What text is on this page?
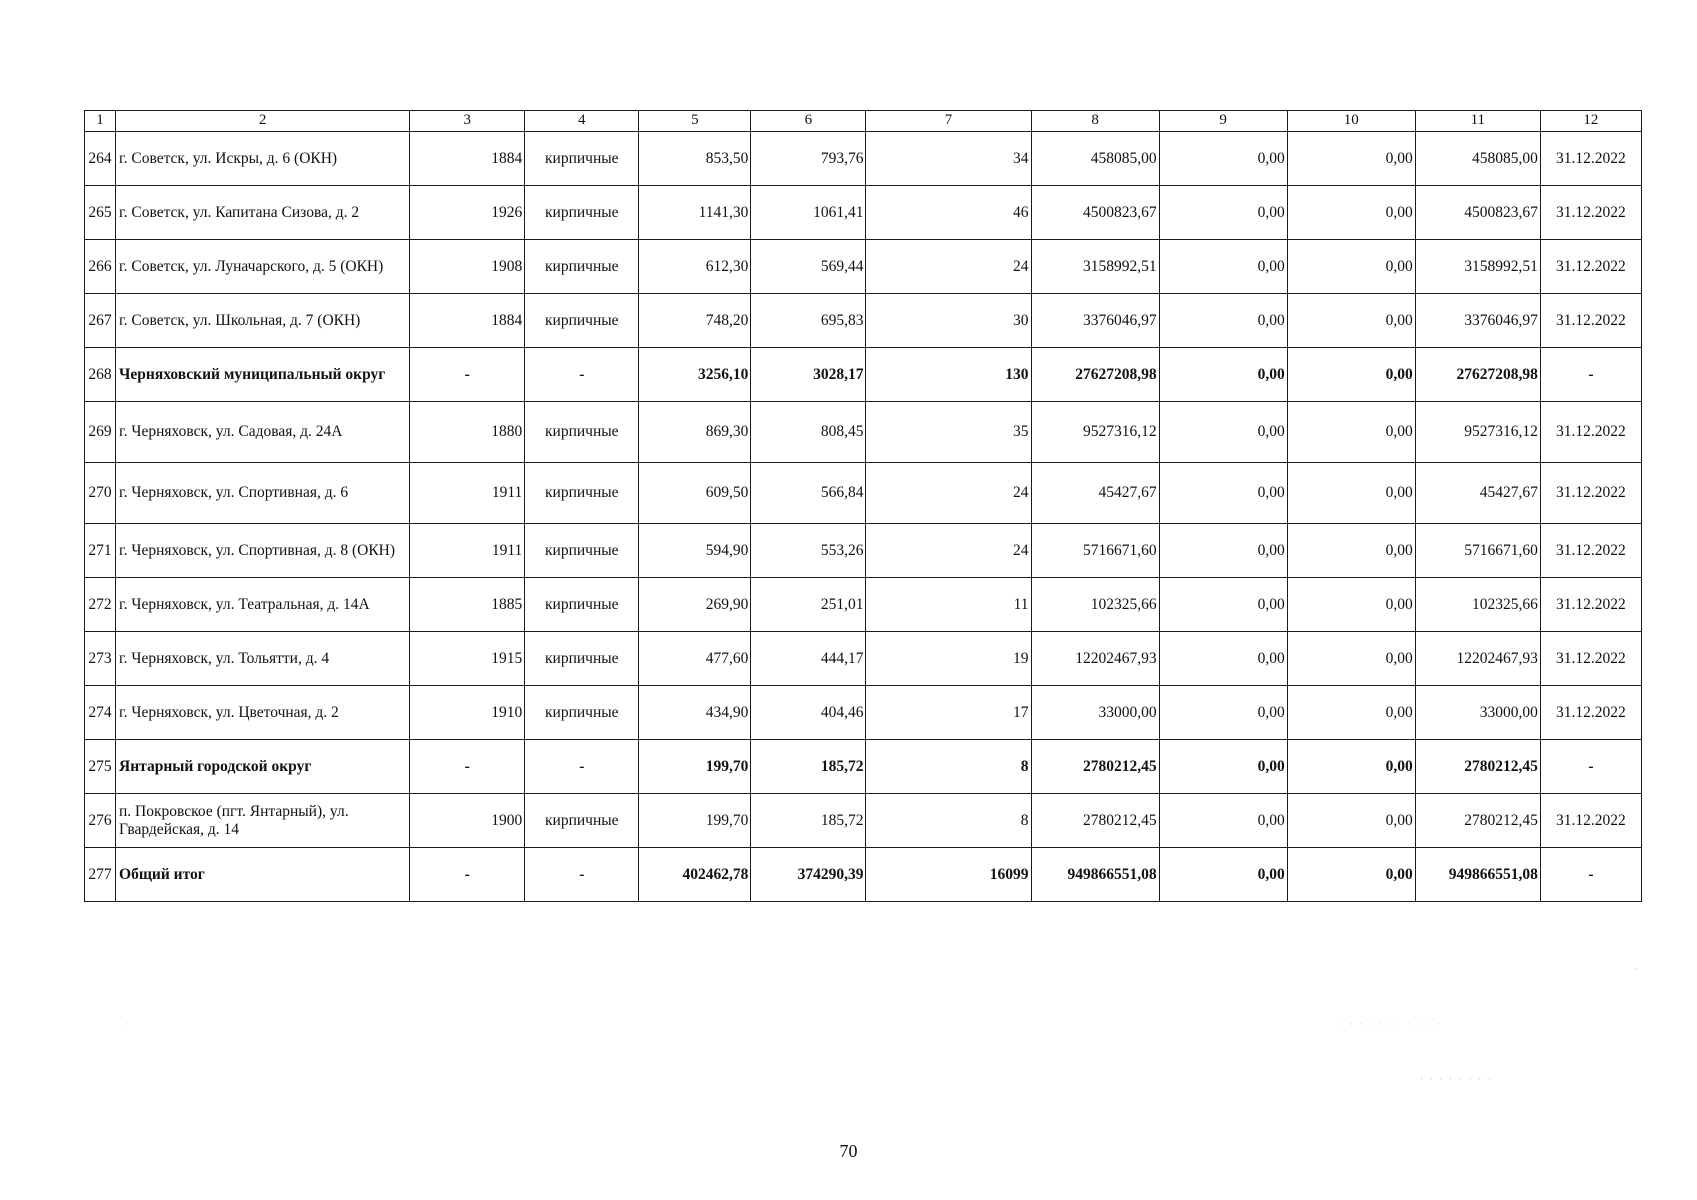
1	2	3	4	5	6	7	8	9	10	11	12
264	г. Советск, ул. Искры, д. 6 (ОКН)	1884	кирпичные	853,50	793,76	34	458085,00	0,00	0,00	458085,00	31.12.2022
265	г. Советск, ул. Капитана Сизова, д. 2	1926	кирпичные	1141,30	1061,41	46	4500823,67	0,00	0,00	4500823,67	31.12.2022
266	г. Советск, ул. Луначарского, д. 5 (ОКН)	1908	кирпичные	612,30	569,44	24	3158992,51	0,00	0,00	3158992,51	31.12.2022
267	г. Советск, ул. Школьная, д. 7 (ОКН)	1884	кирпичные	748,20	695,83	30	3376046,97	0,00	0,00	3376046,97	31.12.2022
268	Черняховский муниципальный округ	-	-	3256,10	3028,17	130	27627208,98	0,00	0,00	27627208,98	-
269	г. Черняховск, ул. Садовая, д. 24А	1880	кирпичные	869,30	808,45	35	9527316,12	0,00	0,00	9527316,12	31.12.2022
270	г. Черняховск, ул. Спортивная, д. 6	1911	кирпичные	609,50	566,84	24	45427,67	0,00	0,00	45427,67	31.12.2022
271	г. Черняховск, ул. Спортивная, д. 8 (ОКН)	1911	кирпичные	594,90	553,26	24	5716671,60	0,00	0,00	5716671,60	31.12.2022
272	г. Черняховск, ул. Театральная, д. 14А	1885	кирпичные	269,90	251,01	11	102325,66	0,00	0,00	102325,66	31.12.2022
273	г. Черняховск, ул. Тольятти, д. 4	1915	кирпичные	477,60	444,17	19	12202467,93	0,00	0,00	12202467,93	31.12.2022
274	г. Черняховск, ул. Цветочная, д. 2	1910	кирпичные	434,90	404,46	17	33000,00	0,00	0,00	33000,00	31.12.2022
275	Янтарный городской округ	-	-	199,70	185,72	8	2780212,45	0,00	0,00	2780212,45	-
276	п. Покровское (пгт. Янтарный), ул. Гвардейская, д. 14	1900	кирпичные	199,70	185,72	8	2780212,45	0,00	0,00	2780212,45	31.12.2022
277	Общий итог	-	-	402462,78	374290,39	16099	949866551,08	0,00	0,00	949866551,08	-
70
·
· · · · · · · · · · ·
· · · · · · · ·
·
